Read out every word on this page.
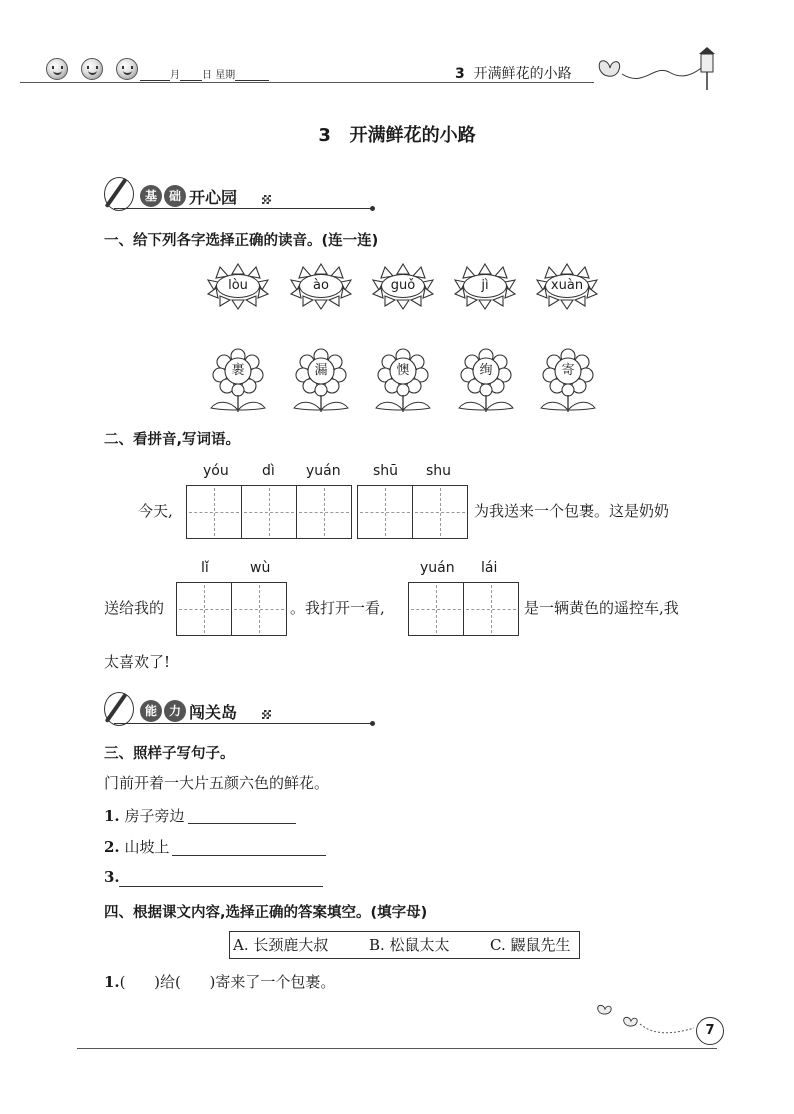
月 日 星期	3 开满鲜花的小路
3 开满鲜花的小路
基 础 开心园
一、给下列各字选择正确的读音。(连一连)
lòu	ào	guǒ	jì	xuàn
裹	漏	懊	绚	寄
二、看拼音,写词语。
yóu dì yuán shū shu
今天,	为我送来一个包裹。这是奶奶
lǐ	wù	yuán lái
送给我的	。我打开一看,	是一辆黄色的遥控车,我
太喜欢了!
能 力 闯关岛
三、照样子写句子。
门前开着一大片五颜六色的鲜花。
1. 房子旁边
2. 山坡上
3.
四、根据课文内容,选择正确的答案填空。(填字母)
A. 长颈鹿大叔	B. 松鼠太太	C. 鼹鼠先生
1.( )给( )寄来了一个包裹。
7
